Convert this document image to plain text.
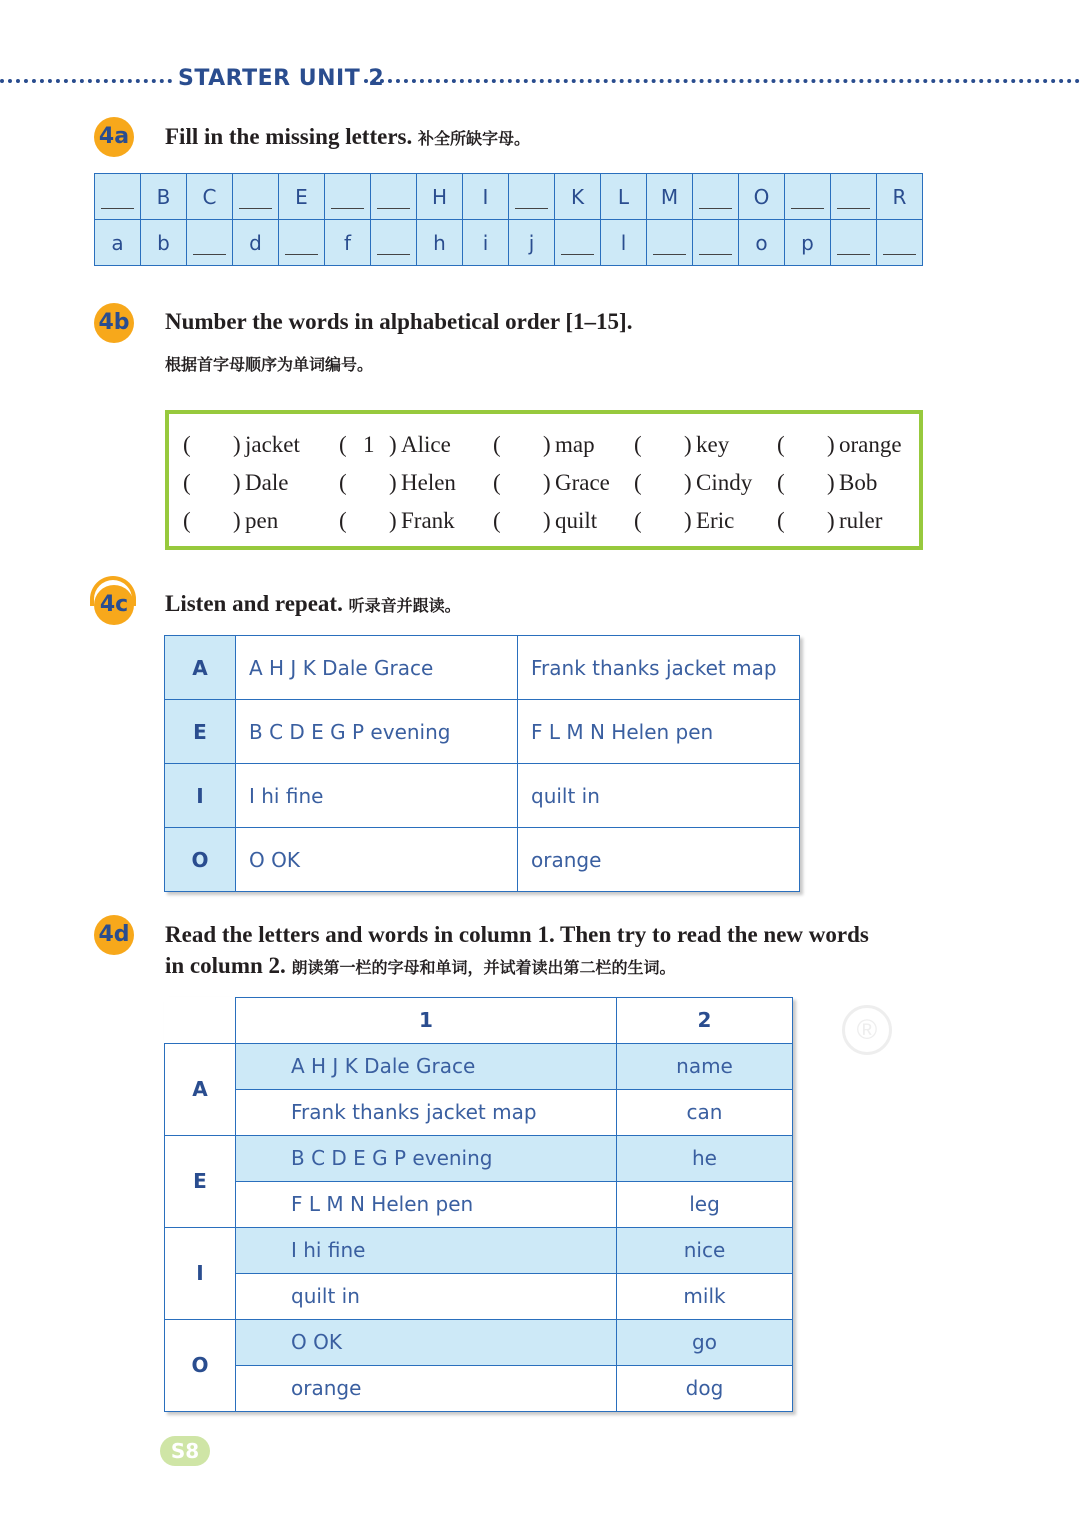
STARTER UNIT 2
4a Fill in the missing letters. 补全所缺字母。
	B	C		E			H	I		K	L	M		O			R
a	b		d		f		h	i	j		l			o	p		
4b Number the words in alphabetical order [1–15].
根据首字母顺序为单词编号。
( ) jacket ( 1 ) Alice ( ) map ( ) key ( ) orange
( ) Dale ( ) Helen ( ) Grace ( ) Cindy ( ) Bob
( ) pen	( ) Frank ( ) quilt ( ) Eric ( ) ruler
4c Listen and repeat. 听录音并跟读。
A	A H J K Dale Grace	Frank thanks jacket map
E	B C D E G P evening	F L M N Helen pen
I	I hi fine	quilt in
O	O OK	orange
4d Read the letters and words in column 1. Then try to read the new words
in column 2. 朗读第一栏的字母和单词，并试着读出第二栏的生词。
	1	2
A	A H J K Dale Grace	name
	Frank thanks jacket map	can
E	B C D E G P evening	he
	F L M N Helen pen	leg
I	I hi fine	nice
	quilt in	milk
O	O OK	go
	orange	dog
®
S8
